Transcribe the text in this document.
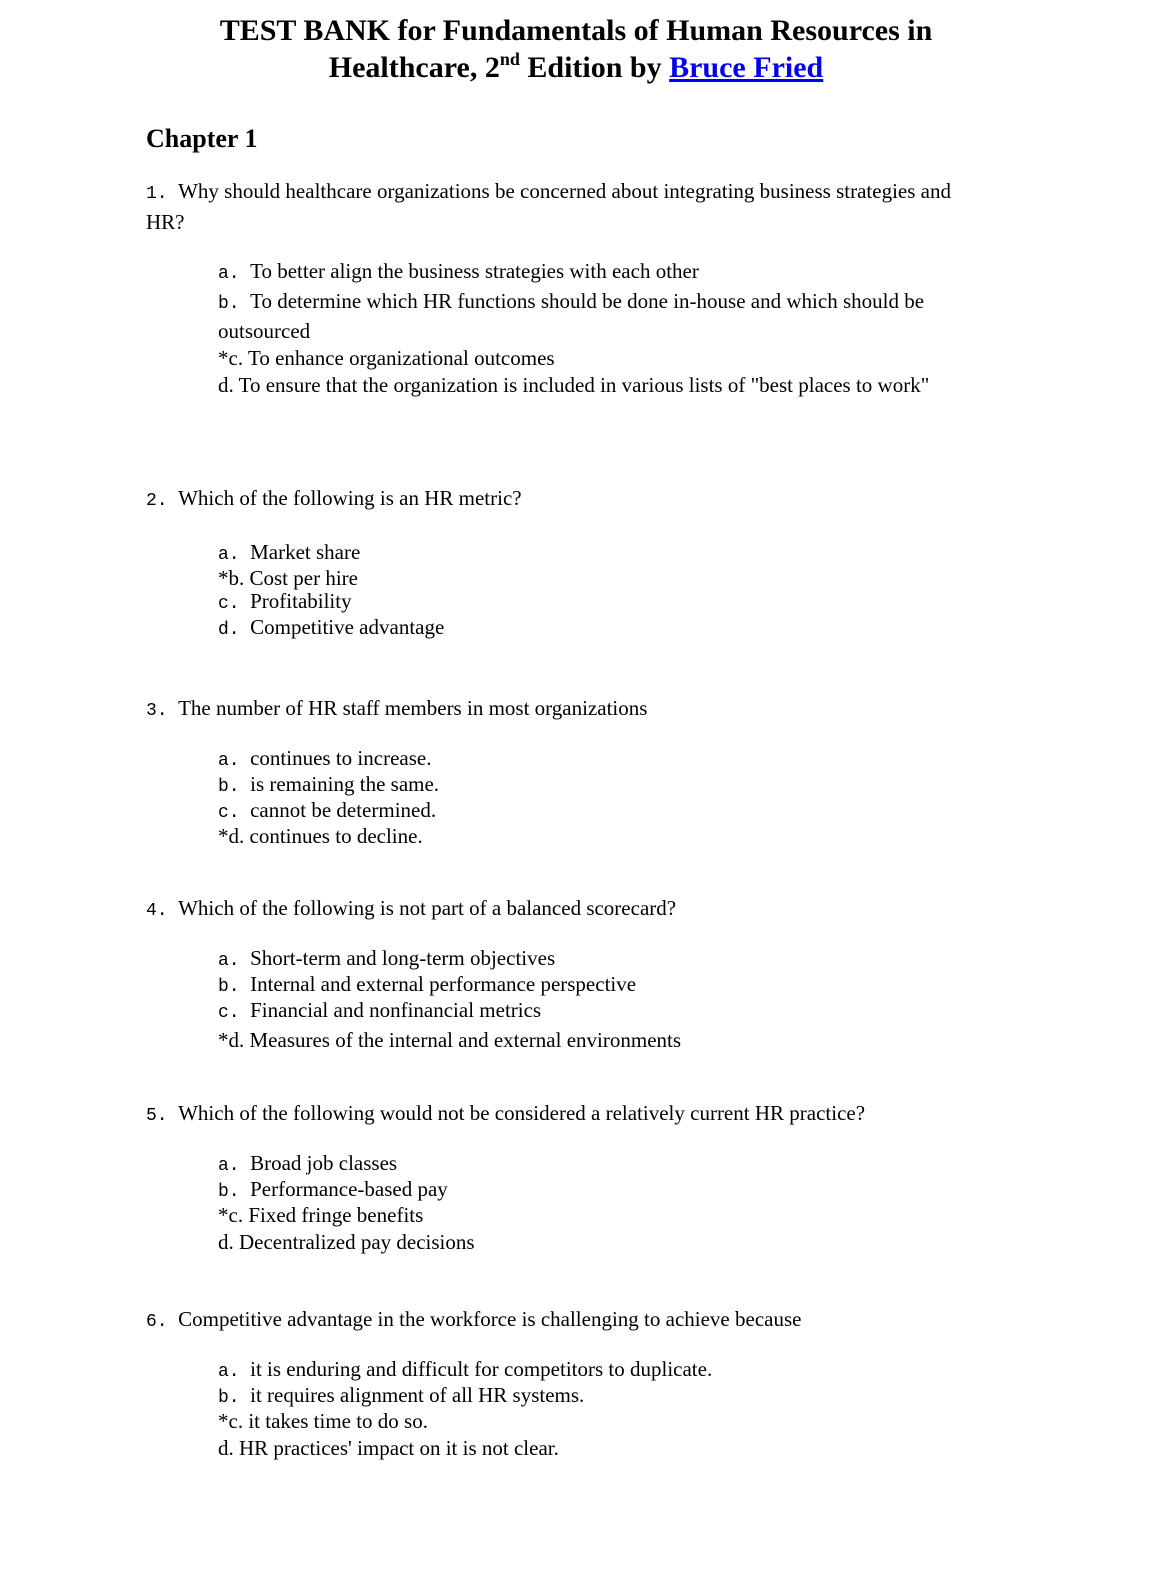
TEST BANK for Fundamentals of Human Resources in
Healthcare, 2nd Edition by Bruce Fried
Chapter 1
1. Why should healthcare organizations be concerned about integrating business strategies and HR?
a. To better align the business strategies with each other
b. To determine which HR functions should be done in-house and which should be outsourced
*c. To enhance organizational outcomes
d. To ensure that the organization is included in various lists of "best places to work"
2. Which of the following is an HR metric?
a. Market share
*b. Cost per hire
c. Profitability
d. Competitive advantage
3. The number of HR staff members in most organizations
a. continues to increase.
b. is remaining the same.
c. cannot be determined.
*d. continues to decline.
4. Which of the following is not part of a balanced scorecard?
a. Short-term and long-term objectives
b. Internal and external performance perspective
c. Financial and nonfinancial metrics
*d. Measures of the internal and external environments
5. Which of the following would not be considered a relatively current HR practice?
a. Broad job classes
b. Performance-based pay
*c. Fixed fringe benefits
d. Decentralized pay decisions
6. Competitive advantage in the workforce is challenging to achieve because
a. it is enduring and difficult for competitors to duplicate.
b. it requires alignment of all HR systems.
*c. it takes time to do so.
d. HR practices' impact on it is not clear.
